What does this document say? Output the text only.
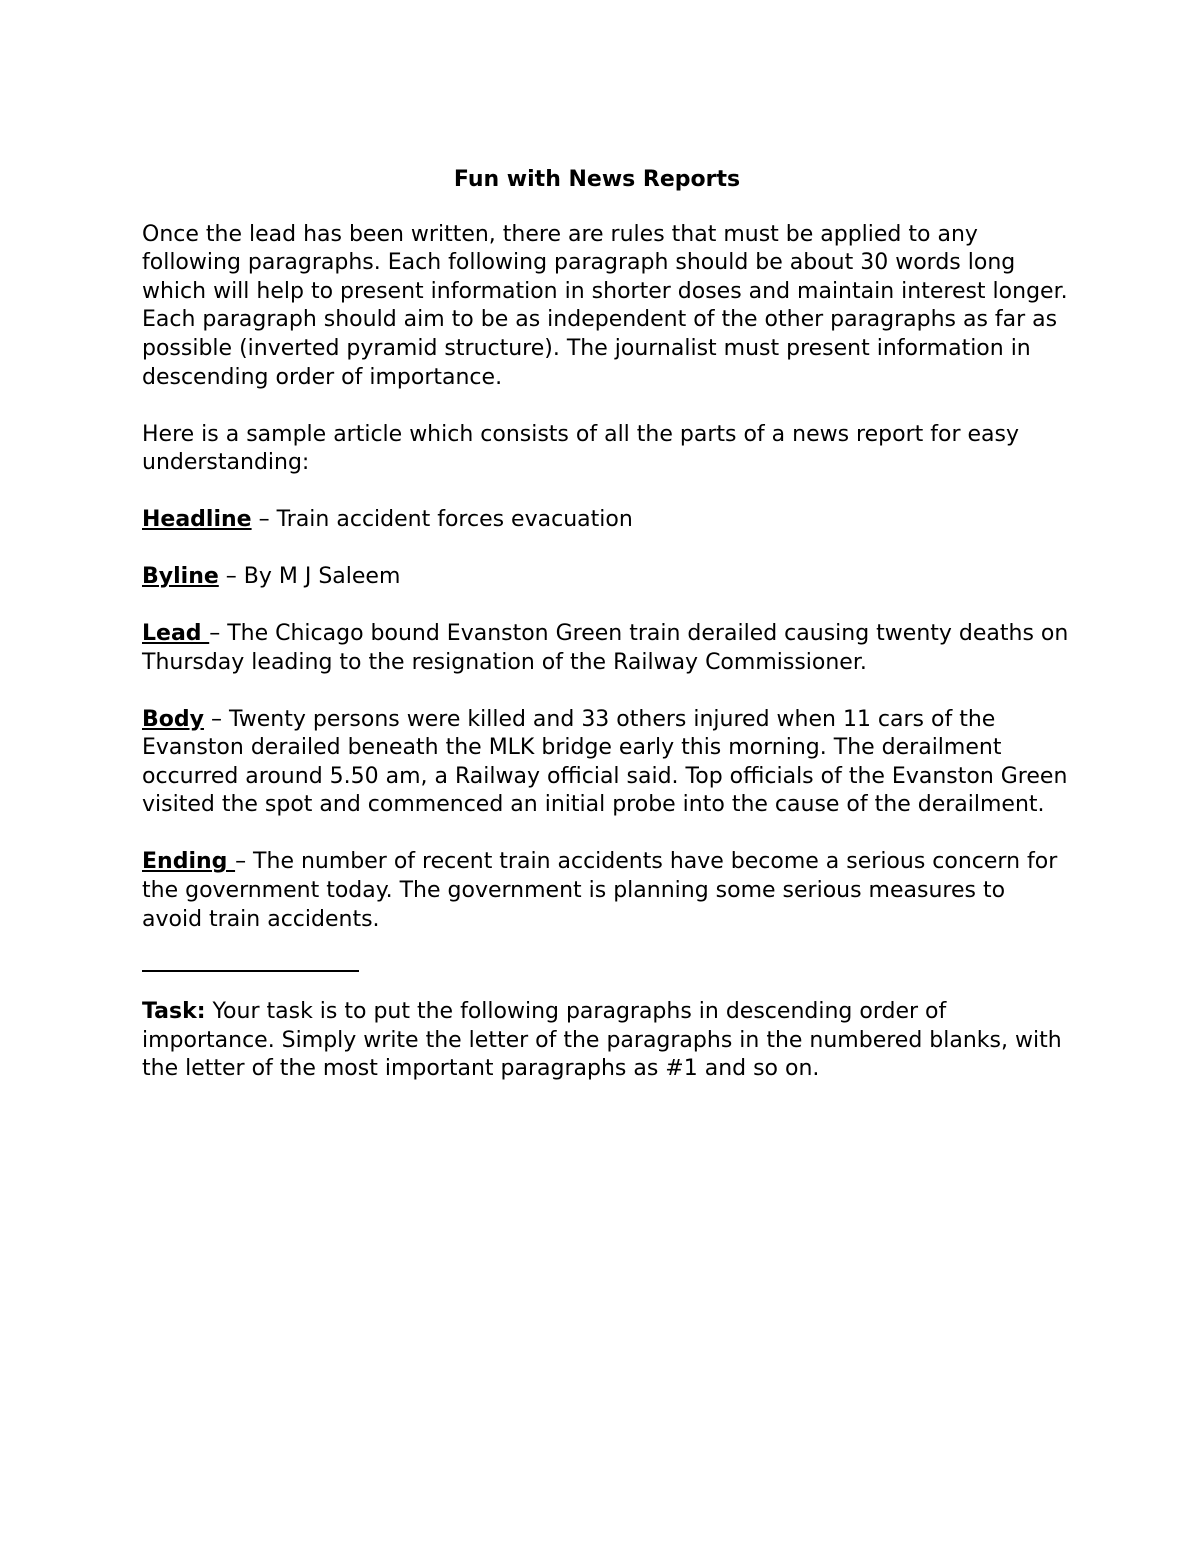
Fun with News Reports

Once the lead has been written, there are rules that must be applied to any following paragraphs. Each following paragraph should be about 30 words long which will help to present information in shorter doses and maintain interest longer. Each paragraph should aim to be as independent of the other paragraphs as far as possible (inverted pyramid structure). The journalist must present information in descending order of importance.

Here is a sample article which consists of all the parts of a news report for easy understanding:

Headline – Train accident forces evacuation

Byline – By M J Saleem

Lead – The Chicago bound Evanston Green train derailed causing twenty deaths on Thursday leading to the resignation of the Railway Commissioner.

Body – Twenty persons were killed and 33 others injured when 11 cars of the Evanston derailed beneath the MLK bridge early this morning. The derailment occurred around 5.50 am, a Railway official said. Top officials of the Evanston Green visited the spot and commenced an initial probe into the cause of the derailment.

Ending – The number of recent train accidents have become a serious concern for the government today. The government is planning some serious measures to avoid train accidents.

Task: Your task is to put the following paragraphs in descending order of importance. Simply write the letter of the paragraphs in the numbered blanks, with the letter of the most important paragraphs as #1 and so on.
